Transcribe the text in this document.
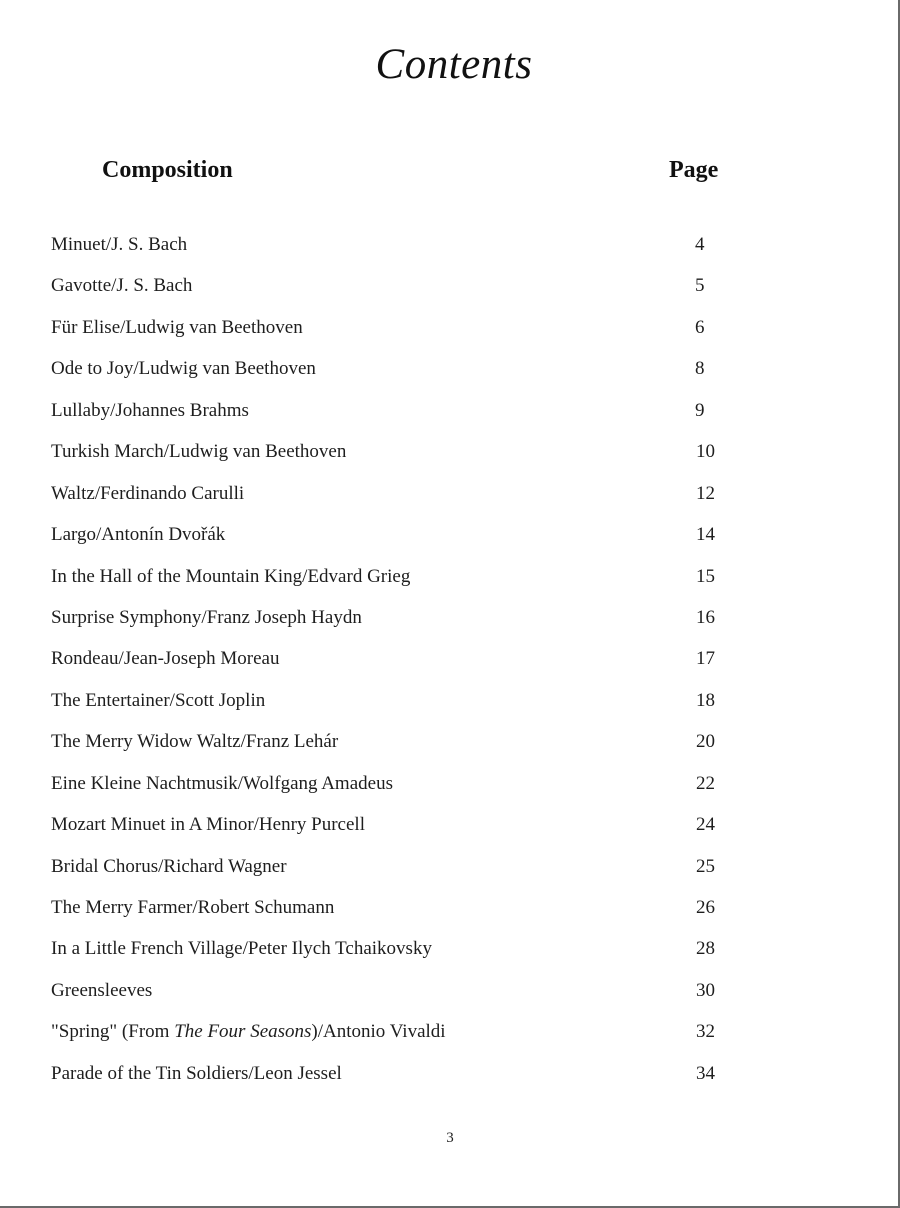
Contents
Composition	Page
Minuet/J. S. Bach	4
Gavotte/J. S. Bach	5
Für Elise/Ludwig van Beethoven	6
Ode to Joy/Ludwig van Beethoven	8
Lullaby/Johannes Brahms	9
Turkish March/Ludwig van Beethoven	10
Waltz/Ferdinando Carulli	12
Largo/Antonín Dvořák	14
In the Hall of the Mountain King/Edvard Grieg	15
Surprise Symphony/Franz Joseph Haydn	16
Rondeau/Jean-Joseph Moreau	17
The Entertainer/Scott Joplin	18
The Merry Widow Waltz/Franz Lehár	20
Eine Kleine Nachtmusik/Wolfgang Amadeus	22
Mozart Minuet in A Minor/Henry Purcell	24
Bridal Chorus/Richard Wagner	25
The Merry Farmer/Robert Schumann	26
In a Little French Village/Peter Ilych Tchaikovsky	28
Greensleeves	30
"Spring" (From The Four Seasons)/Antonio Vivaldi	32
Parade of the Tin Soldiers/Leon Jessel	34
3
